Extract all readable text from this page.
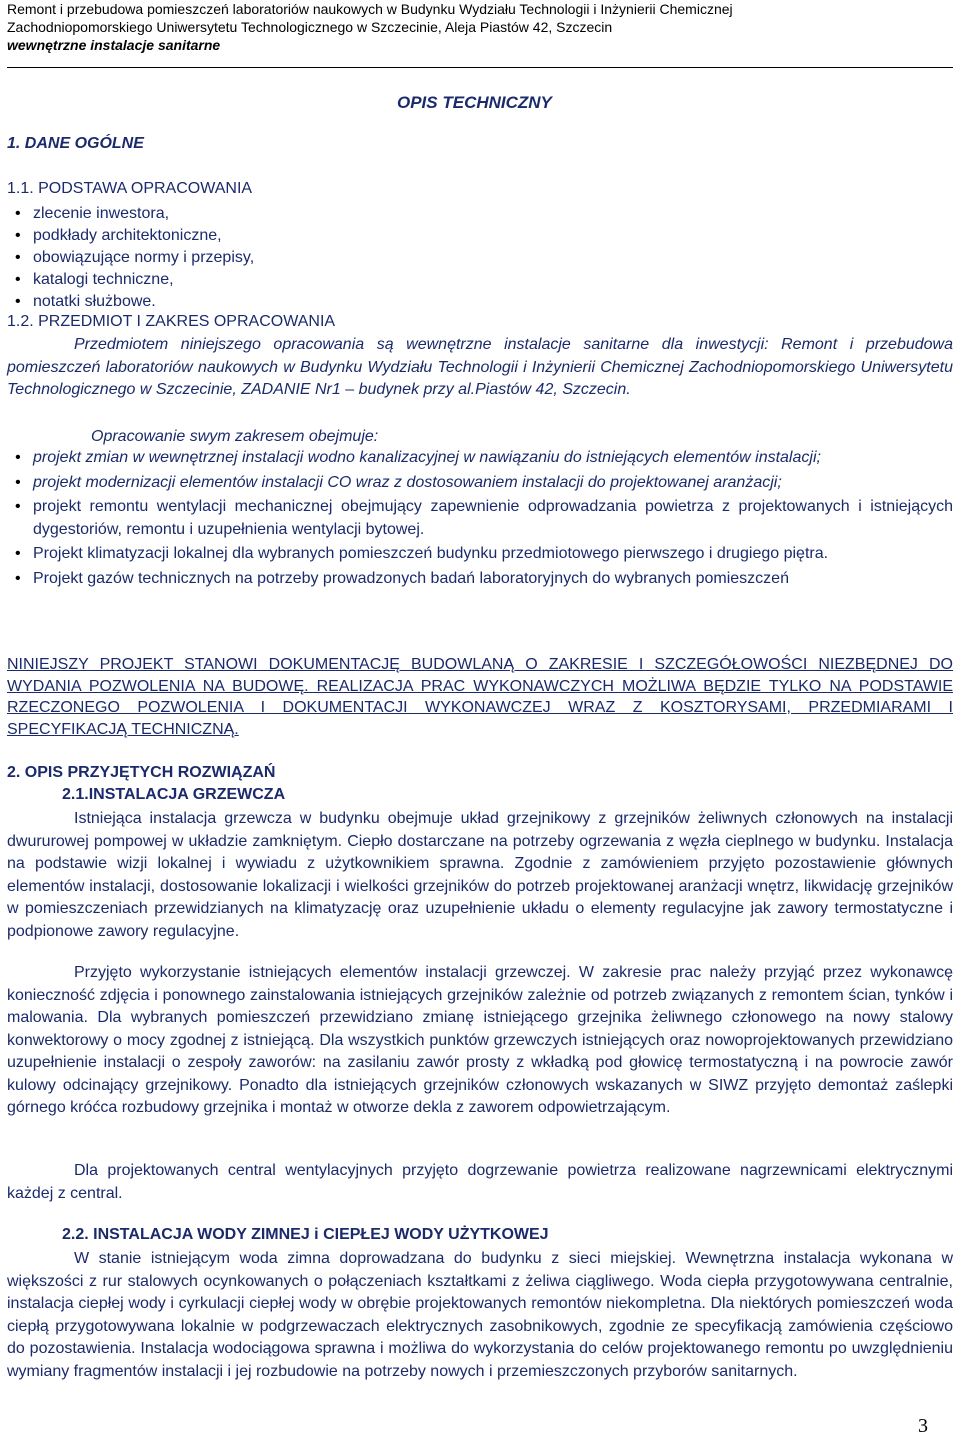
Remont i przebudowa pomieszczeń laboratoriów naukowych w Budynku Wydziału Technologii i Inżynierii Chemicznej
Zachodniopomorskiego Uniwersytetu Technologicznego w Szczecinie, Aleja Piastów 42, Szczecin
wewnętrzne instalacje sanitarne
OPIS TECHNICZNY
1. DANE OGÓLNE
1.1. PODSTAWA OPRACOWANIA
• zlecenie inwestora,
• podkłady architektoniczne,
• obowiązujące normy i przepisy,
• katalogi techniczne,
• notatki służbowe.
1.2. PRZEDMIOT I ZAKRES OPRACOWANIA
Przedmiotem niniejszego opracowania są wewnętrzne instalacje sanitarne dla inwestycji: Remont i przebudowa pomieszczeń laboratoriów naukowych w Budynku Wydziału Technologii i Inżynierii Chemicznej Zachodniopomorskiego Uniwersytetu Technologicznego w Szczecinie, ZADANIE Nr1 – budynek przy al.Piastów 42, Szczecin.
Opracowanie swym zakresem obejmuje:
• projekt zmian w wewnętrznej instalacji wodno kanalizacyjnej w nawiązaniu do istniejących elementów instalacji;
• projekt modernizacji elementów instalacji CO wraz z dostosowaniem instalacji do projektowanej aranżacji;
• projekt remontu wentylacji mechanicznej obejmujący zapewnienie odprowadzania powietrza z projektowanych i istniejących dygestoriów, remontu i uzupełnienia wentylacji bytowej.
• Projekt klimatyzacji lokalnej dla wybranych pomieszczeń budynku przedmiotowego pierwszego i drugiego piętra.
• Projekt gazów technicznych na potrzeby prowadzonych badań laboratoryjnych do wybranych pomieszczeń
NINIEJSZY PROJEKT STANOWI DOKUMENTACJĘ BUDOWLANĄ O ZAKRESIE I SZCZEGÓŁOWOŚCI NIEZBĘDNEJ DO WYDANIA POZWOLENIA NA BUDOWĘ. REALIZACJA PRAC WYKONAWCZYCH MOŻLIWA BĘDZIE TYLKO NA PODSTAWIE RZECZONEGO POZWOLENIA I DOKUMENTACJI WYKONAWCZEJ WRAZ Z KOSZTORYSAMI, PRZEDMIARAMI I SPECYFIKACJĄ TECHNICZNĄ.
2. OPIS PRZYJĘTYCH ROZWIĄZAŃ
2.1.INSTALACJA GRZEWCZA
Istniejąca instalacja grzewcza w budynku obejmuje układ grzejnikowy z grzejników żeliwnych członowych na instalacji dwururowej pompowej w układzie zamkniętym. Ciepło dostarczane na potrzeby ogrzewania z węzła cieplnego w budynku. Instalacja na podstawie wizji lokalnej i wywiadu z użytkownikiem sprawna. Zgodnie z zamówieniem przyjęto pozostawienie głównych elementów instalacji, dostosowanie lokalizacji i wielkości grzejników do potrzeb projektowanej aranżacji wnętrz, likwidację grzejników w pomieszczeniach przewidzianych na klimatyzację oraz uzupełnienie układu o elementy regulacyjne jak zawory termostatyczne i podpionowe zawory regulacyjne.
Przyjęto wykorzystanie istniejących elementów instalacji grzewczej. W zakresie prac należy przyjąć przez wykonawcę konieczność zdjęcia i ponownego zainstalowania istniejących grzejników zależnie od potrzeb związanych z remontem ścian, tynków i malowania. Dla wybranych pomieszczeń przewidziano zmianę istniejącego grzejnika żeliwnego członowego na nowy stalowy konwektorowy o mocy zgodnej z istniejącą. Dla wszystkich punktów grzewczych istniejących oraz nowoprojektowanych przewidziano uzupełnienie instalacji o zespoły zaworów: na zasilaniu zawór prosty z wkładką pod głowicę termostatyczną i na powrocie zawór kulowy odcinający grzejnikowy. Ponadto dla istniejących grzejników członowych wskazanych w SIWZ przyjęto demontaż zaślepki górnego króćca rozbudowy grzejnika i montaż w otworze dekla z zaworem odpowietrzającym.
Dla projektowanych central wentylacyjnych przyjęto dogrzewanie powietrza realizowane nagrzewnicami elektrycznymi każdej z central.
2.2. INSTALACJA WODY ZIMNEJ i CIEPŁEJ WODY UŻYTKOWEJ
W stanie istniejącym woda zimna doprowadzana do budynku z sieci miejskiej. Wewnętrzna instalacja wykonana w większości z rur stalowych ocynkowanych o połączeniach kształtkami z żeliwa ciągliwego. Woda ciepła przygotowywana centralnie, instalacja ciepłej wody i cyrkulacji ciepłej wody w obrębie projektowanych remontów niekompletna. Dla niektórych pomieszczeń woda ciepłą przygotowywana lokalnie w podgrzewaczach elektrycznych zasobnikowych, zgodnie ze specyfikacją zamówienia częściowo do pozostawienia. Instalacja wodociągowa sprawna i możliwa do wykorzystania do celów projektowanego remontu po uwzględnieniu wymiany fragmentów instalacji i jej rozbudowie na potrzeby nowych i przemieszczonych przyborów sanitarnych.
3
